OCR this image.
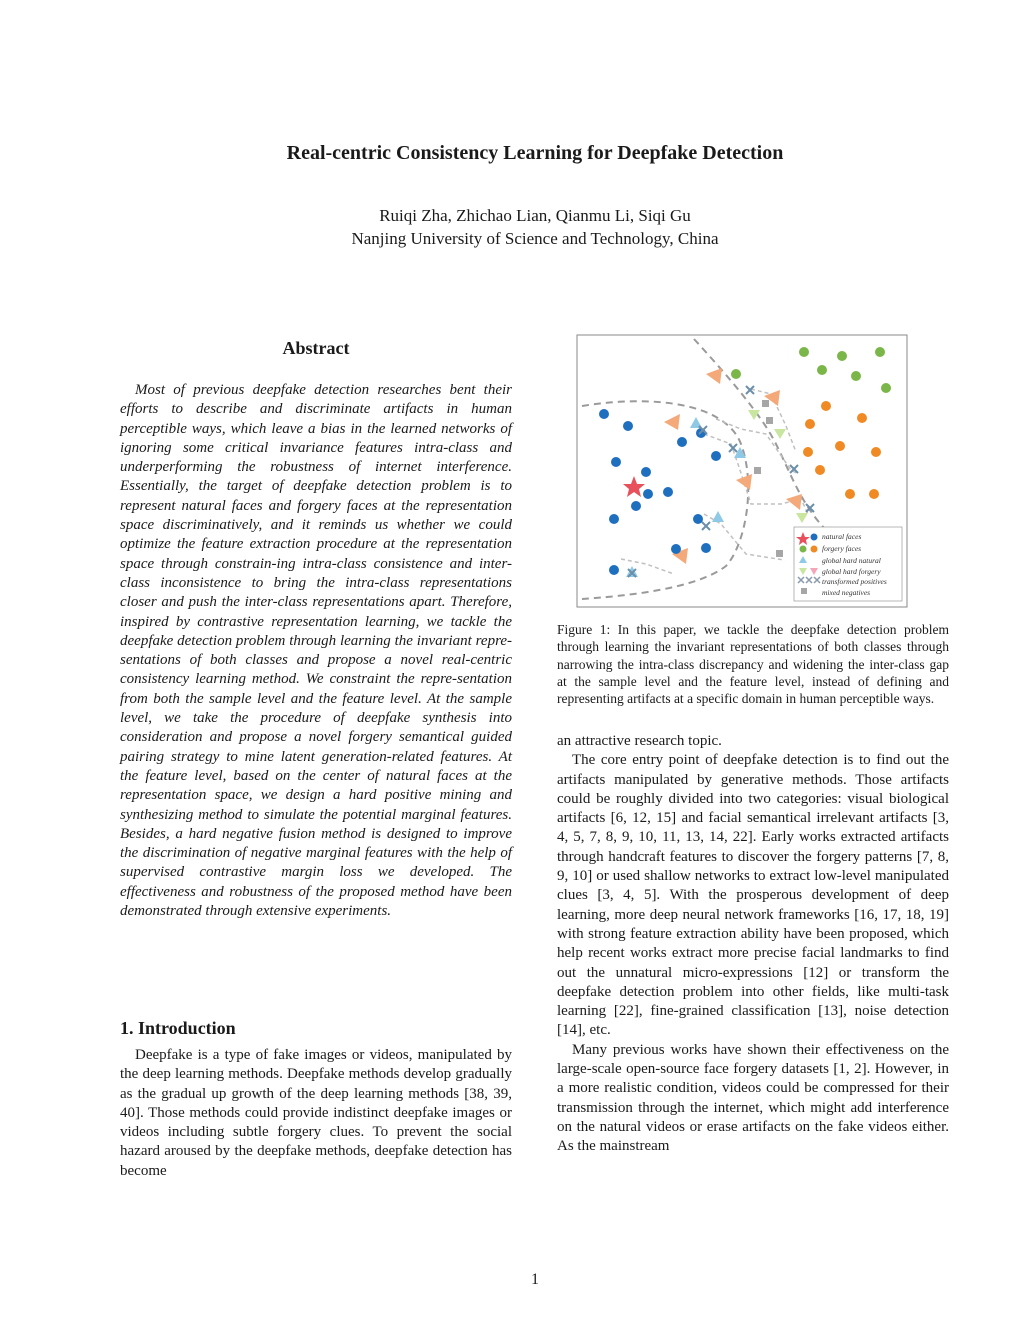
Real-centric Consistency Learning for Deepfake Detection
Ruiqi Zha, Zhichao Lian, Qianmu Li, Siqi Gu
Nanjing University of Science and Technology, China
Abstract

Most of previous deepfake detection researches bent their efforts to describe and discriminate artifacts in human perceptible ways, which leave a bias in the learned networks of ignoring some critical invariance features intra-class and underperforming the robustness of internet interference. Essentially, the target of deepfake detection problem is to represent natural faces and forgery faces at the representation space discriminatively, and it reminds us whether we could optimize the feature extraction procedure at the representation space through constrain-ing intra-class consistence and inter-class inconsistence to bring the intra-class representations closer and push the inter-class representations apart. Therefore, inspired by contrastive representation learning, we tackle the deepfake detection problem through learning the invariant repre-sentations of both classes and propose a novel real-centric consistency learning method. We constraint the repre-sentation from both the sample level and the feature level. At the sample level, we take the procedure of deepfake synthesis into consideration and propose a novel forgery semantical guided pairing strategy to mine latent generation-related features. At the feature level, based on the center of natural faces at the representation space, we design a hard positive mining and synthesizing method to simulate the potential marginal features. Besides, a hard negative fusion method is designed to improve the discrimination of negative marginal features with the help of supervised contrastive margin loss we developed. The effectiveness and robustness of the proposed method have been demonstrated through extensive experiments.

1. Introduction

Deepfake is a type of fake images or videos, manipulated by the deep learning methods. Deepfake methods develop gradually as the gradual up growth of the deep learning methods [38, 39, 40]. Those methods could provide indistinct deepfake images or videos including subtle forgery clues. To prevent the social hazard aroused by the deepfake methods, deepfake detection has become

natural faces
forgery faces
global hard natural
global hard forgery
transformed positives
mixed negatives

Figure 1: In this paper, we tackle the deepfake detection problem through learning the invariant representations of both classes through narrowing the intra-class discrepancy and widening the inter-class gap at the sample level and the feature level, instead of defining and representing artifacts at a specific domain in human perceptible ways.

an attractive research topic.

The core entry point of deepfake detection is to find out the artifacts manipulated by generative methods. Those artifacts could be roughly divided into two categories: visual biological artifacts [6, 12, 15] and facial semantical irrelevant artifacts [3, 4, 5, 7, 8, 9, 10, 11, 13, 14, 22]. Early works extracted artifacts through handcraft features to discover the forgery patterns [7, 8, 9, 10] or used shallow networks to extract low-level manipulated clues [3, 4, 5]. With the prosperous development of deep learning, more deep neural network frameworks [16, 17, 18, 19] with strong feature extraction ability have been proposed, which help recent works extract more precise facial landmarks to find out the unnatural micro-expressions [12] or transform the deepfake detection problem into other fields, like multi-task learning [22], fine-grained classification [13], noise detection [14], etc.

Many previous works have shown their effectiveness on the large-scale open-source face forgery datasets [1, 2]. However, in a more realistic condition, videos could be compressed for their transmission through the internet, which might add interference on the natural videos or erase artifacts on the fake videos either. As the mainstream

1
